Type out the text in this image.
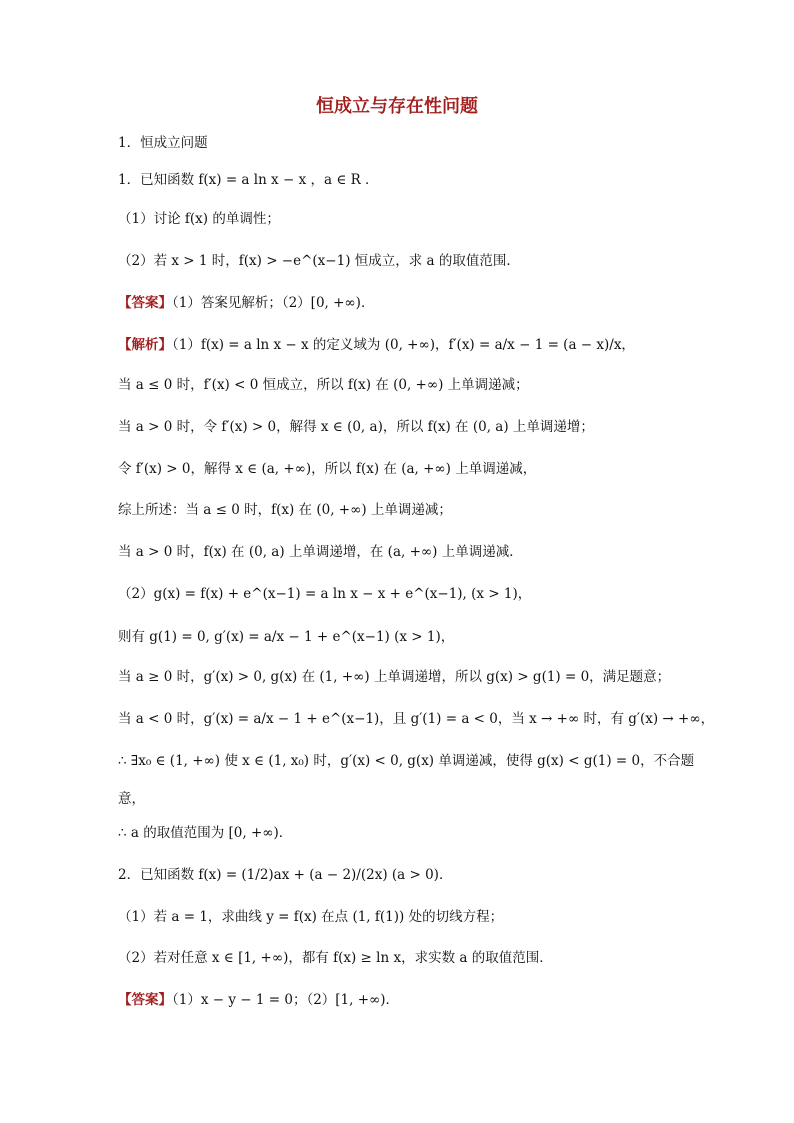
恒成立与存在性问题
1．恒成立问题
1．已知函数 f(x) = a ln x − x ，a ∈ R ．
（1）讨论 f(x) 的单调性；
（2）若 x > 1 时，f(x) > −e^(x−1) 恒成立，求 a 的取值范围．
【答案】（1）答案见解析；（2）[0, +∞)．
【解析】（1）f(x) = a ln x − x 的定义域为 (0, +∞)，f′(x) = a/x − 1 = (a − x)/x，
当 a ≤ 0 时，f′(x) < 0 恒成立，所以 f(x) 在 (0, +∞) 上单调递减；
当 a > 0 时，令 f′(x) > 0，解得 x ∈ (0, a)，所以 f(x) 在 (0, a) 上单调递增；
令 f′(x) > 0，解得 x ∈ (a, +∞)，所以 f(x) 在 (a, +∞) 上单调递减，
综上所述：当 a ≤ 0 时，f(x) 在 (0, +∞) 上单调递减；
当 a > 0 时，f(x) 在 (0, a) 上单调递增，在 (a, +∞) 上单调递减．
（2）g(x) = f(x) + e^(x−1) = a ln x − x + e^(x−1), (x > 1)，
则有 g(1) = 0, g′(x) = a/x − 1 + e^(x−1) (x > 1)，
当 a ≥ 0 时，g′(x) > 0, g(x) 在 (1, +∞) 上单调递增，所以 g(x) > g(1) = 0，满足题意；
当 a < 0 时，g′(x) = a/x − 1 + e^(x−1)，且 g′(1) = a < 0，当 x → +∞ 时，有 g′(x) → +∞，
∴ ∃x₀ ∈ (1, +∞) 使 x ∈ (1, x₀) 时，g′(x) < 0, g(x) 单调递减，使得 g(x) < g(1) = 0，不合题
意，
∴ a 的取值范围为 [0, +∞)．
2．已知函数 f(x) = (1/2)ax + (a − 2)/(2x) (a > 0)．
（1）若 a = 1，求曲线 y = f(x) 在点 (1, f(1)) 处的切线方程；
（2）若对任意 x ∈ [1, +∞)，都有 f(x) ≥ ln x，求实数 a 的取值范围．
【答案】（1）x − y − 1 = 0；（2）[1, +∞)．
